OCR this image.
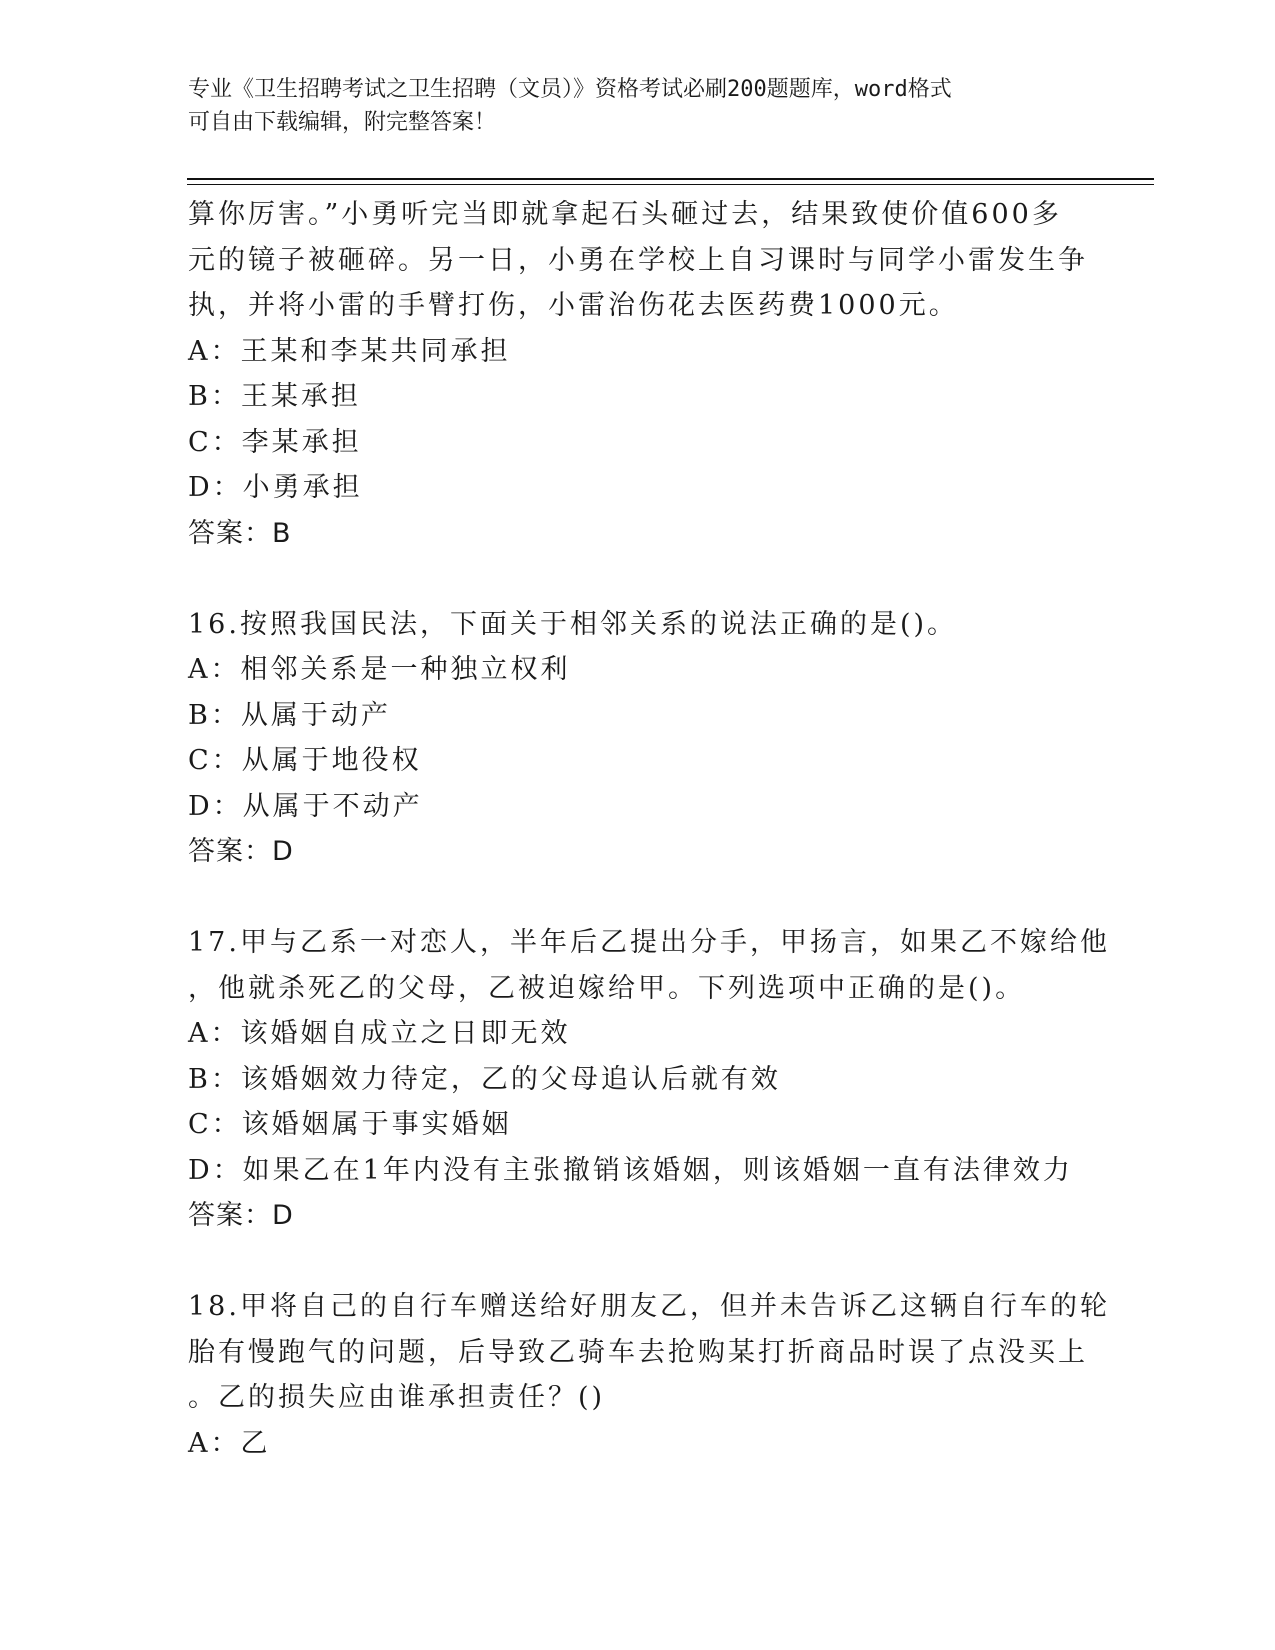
专业《卫生招聘考试之卫生招聘（文员）》资格考试必刷200题题库，word格式
可自由下载编辑，附完整答案！
算你厉害。”小勇听完当即就拿起石头砸过去，结果致使价值600多
元的镜子被砸碎。另一日，小勇在学校上自习课时与同学小雷发生争
执，并将小雷的手臂打伤，小雷治伤花去医药费1000元。
A：王某和李某共同承担
B：王某承担
C：李某承担
D：小勇承担
答案：B
16.按照我国民法，下面关于相邻关系的说法正确的是()。
A：相邻关系是一种独立权利
B：从属于动产
C：从属于地役权
D：从属于不动产
答案：D
17.甲与乙系一对恋人，半年后乙提出分手，甲扬言，如果乙不嫁给他
，他就杀死乙的父母，乙被迫嫁给甲。下列选项中正确的是()。
A：该婚姻自成立之日即无效
B：该婚姻效力待定，乙的父母追认后就有效
C：该婚姻属于事实婚姻
D：如果乙在1年内没有主张撤销该婚姻，则该婚姻一直有法律效力
答案：D
18.甲将自己的自行车赠送给好朋友乙，但并未告诉乙这辆自行车的轮
胎有慢跑气的问题，后导致乙骑车去抢购某打折商品时误了点没买上
。乙的损失应由谁承担责任？()
A：乙
